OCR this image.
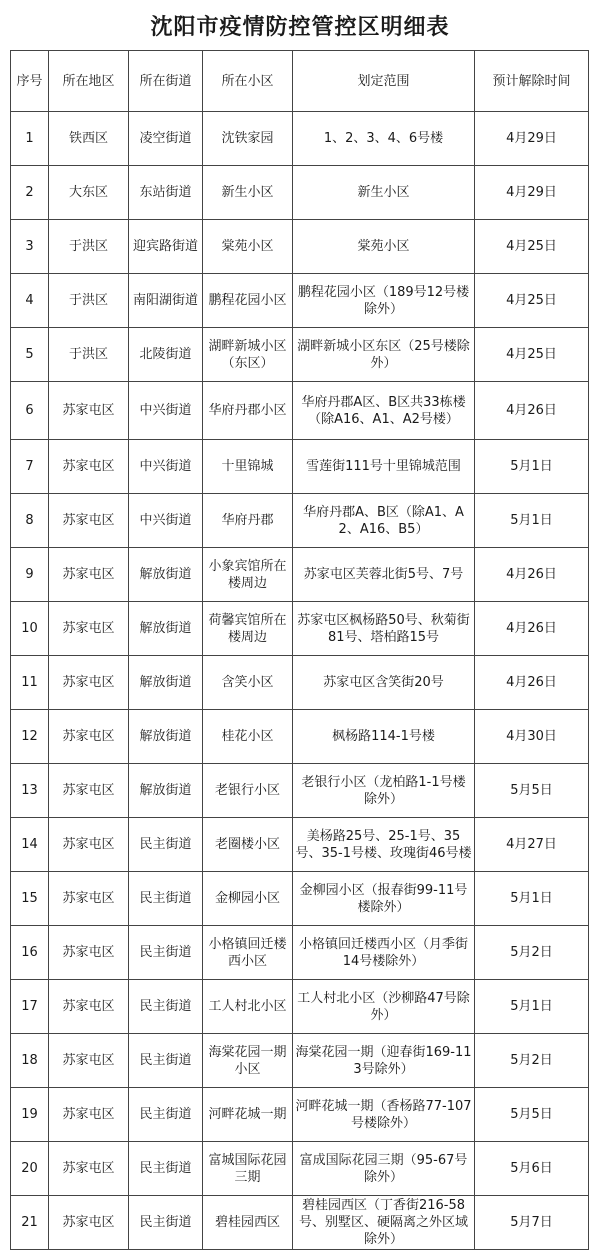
沈阳市疫情防控管控区明细表
序号	所在地区	所在街道	所在小区	划定范围	预计解除时间
1	铁西区	凌空街道	沈铁家园	1、2、3、4、6号楼	4月29日
2	大东区	东站街道	新生小区	新生小区	4月29日
3	于洪区	迎宾路街道	棠苑小区	棠苑小区	4月25日
4	于洪区	南阳湖街道	鹏程花园小区	鹏程花园小区（189号12号楼除外）	4月25日
5	于洪区	北陵街道	湖畔新城小区（东区）	湖畔新城小区东区（25号楼除外）	4月25日
6	苏家屯区	中兴街道	华府丹郡小区	华府丹郡A区、B区共33栋楼（除A16、A1、A2号楼）	4月26日
7	苏家屯区	中兴街道	十里锦城	雪莲街111号十里锦城范围	5月1日
8	苏家屯区	中兴街道	华府丹郡	华府丹郡A、B区（除A1、A2、A16、B5）	5月1日
9	苏家屯区	解放街道	小象宾馆所在楼周边	苏家屯区芙蓉北街5号、7号	4月26日
10	苏家屯区	解放街道	荷馨宾馆所在楼周边	苏家屯区枫杨路50号、秋菊街81号、塔柏路15号	4月26日
11	苏家屯区	解放街道	含笑小区	苏家屯区含笑街20号	4月26日
12	苏家屯区	解放街道	桂花小区	枫杨路114-1号楼	4月30日
13	苏家屯区	解放街道	老银行小区	老银行小区（龙柏路1-1号楼除外）	5月5日
14	苏家屯区	民主街道	老圈楼小区	美杨路25号、25-1号、35号、35-1号楼、玫瑰街46号楼	4月27日
15	苏家屯区	民主街道	金柳园小区	金柳园小区（报春街99-11号楼除外）	5月1日
16	苏家屯区	民主街道	小格镇回迁楼西小区	小格镇回迁楼西小区（月季街14号楼除外）	5月2日
17	苏家屯区	民主街道	工人村北小区	工人村北小区（沙柳路47号除外）	5月1日
18	苏家屯区	民主街道	海棠花园一期小区	海棠花园一期（迎春街169-113号除外）	5月2日
19	苏家屯区	民主街道	河畔花城一期	河畔花城一期（香杨路77-107号楼除外）	5月5日
20	苏家屯区	民主街道	富城国际花园三期	富成国际花园三期（95-67号除外）	5月6日
21	苏家屯区	民主街道	碧桂园西区	碧桂园西区（丁香街216-58号、别墅区、硬隔离之外区域除外）	5月7日
